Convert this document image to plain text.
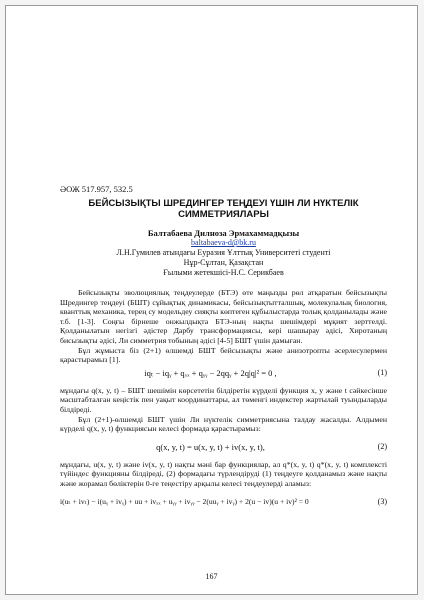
ӘОЖ 517.957, 532.5
БЕЙСЫЗЫҚТЫ ШРЕДИНГЕР ТЕҢДЕУІ ҮШІН ЛИ НҮКТЕЛІК
СИММЕТРИЯЛАРЫ
Балтабаева Дилноза Эрмахаммадқызы
baltabaeva-d@bk.ru
Л.Н.Гумилев атындағы Еуразия Ұлттық Университеті студенті
Нұр-Сұлтан, Қазақстан
Ғылыми жетекшісі-Н.С. Серикбаев

Бейсызықты эволюциялық теңдеулерде (БТЭ) өте маңызды рөл атқаратын бейсызықты Шредингер теңдеуі (БШТ) сұйықтық динамикасы, бейсызықтытталшық, молекулалық биология, кванттық механика, терең су модельдеу сияқты көптеген құбылыстарда толық қолданылады және т.б. [1-3]. Соңғы бірнеше онжылдықта БТЭ-ның нақты шешімдері мұқият зерттелді. Қолданылатын негізгі әдістер Дарбу трансформациясы, кері шашырау әдісі, Хиротаның бисызықты әдісі, Ли симметрия тобының әдісі [4-5] БШТ үшін дамыған.

Бұл жұмыста біз (2+1) өлшемді БШТ бейсызықты және анизотропты әсерлесулермен қарастырамыз [1].

iqₜ − iqᵧ + qₓₓ + qᵧᵧ − 2qqᵧ + 2q|q|² = 0 ,	(1)

мұндағы q(x, y, t) – БШТ шешімін көрсететін білдіретін күрделі функция x, y және t сәйкесінше масштабталған кеңістік пен уақыт координаттары, ал төменгі индекстер жартылай туындыларды білдіреді.

Бұл (2+1)-өлшемді БШТ үшін Ли нүктелік симметриясына талдау жасалды. Алдымен күрделі q(x, y, t) функциясын келесі формада қарастырамыз:

q(x, y, t) = u(x, y, t) + iv(x, y, t),	(2)

мұндағы, u(x, y, t) және iv(x, y, t) нақты мәні бар функциялар, ал q*(x, y, t) q*(x, y, t) комплексті түйіндес функцияны білдіреді, (2) формадағы түрлендіруді (1) теңдеуге қолданамыз және нақты және жорамал бөліктерін 0-ге теңестіру арқылы келесі теңдеулерді аламыз:

i(uₜ + ivₜ) − i(uᵧ + ivᵧ) + uu + ivₓₓ + uᵧᵧ + ivᵧᵧ − 2(uuᵧ + ivᵧ) + 2(u − iv)(u + iv)² = 0	(3)
167
